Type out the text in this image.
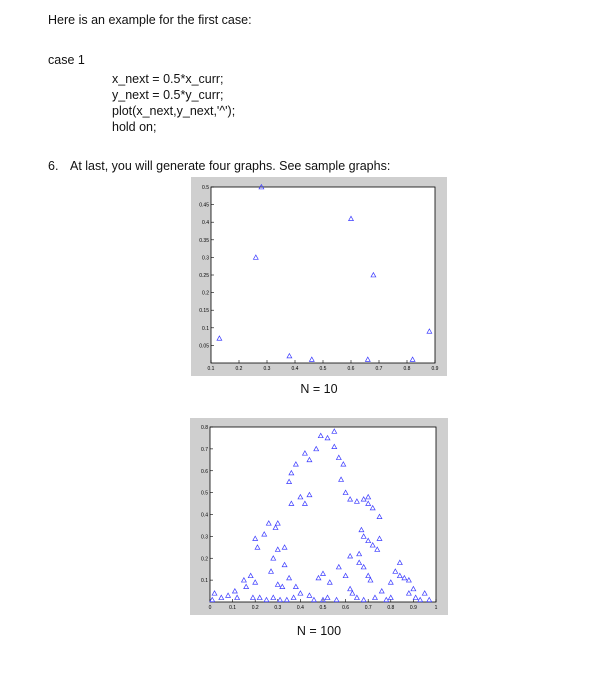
Here is an example for the first case:
case 1
x_next = 0.5*x_curr;
y_next = 0.5*y_curr;
plot(x_next,y_next,'^');
hold on;
6. At last, you will generate four graphs. See sample graphs:
0.1	0.2	0.3	0.4	0.5	0.6	0.7	0.8	0.9
0.05
0.1
0.15
0.2
0.25
0.3
0.35
0.4
0.45
0.5
N = 10
0	0.1	0.2	0.3	0.4	0.5	0.6	0.7	0.8	0.9	1
0.1
0.2
0.3
0.4
0.5
0.6
0.7
0.8
N = 100
